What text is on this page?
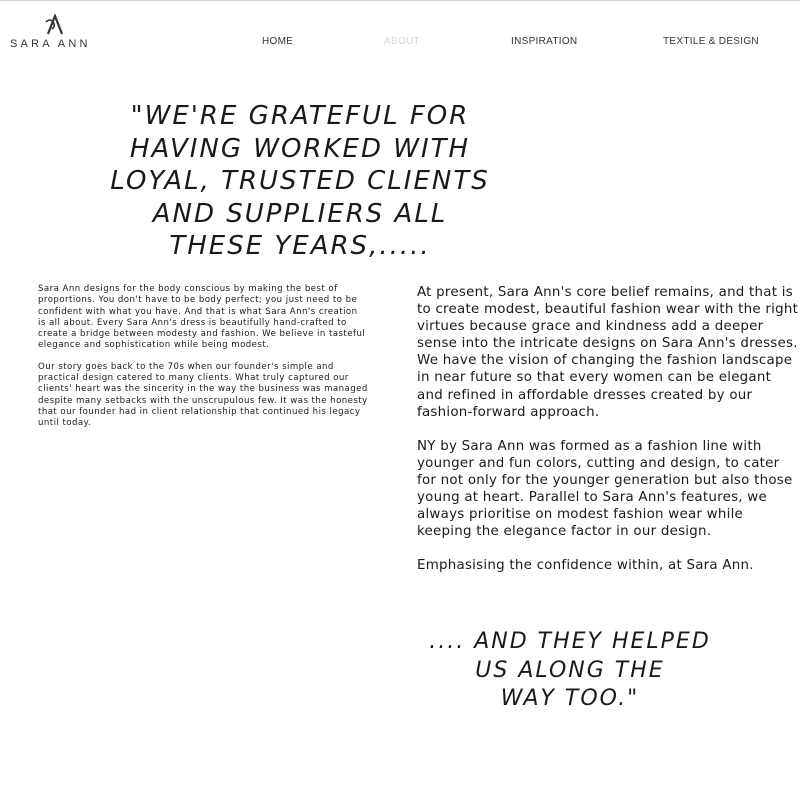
SARA ANN	HOME	ABOUT	INSPIRATION	TEXTILE & DESIGN
"WE'RE GRATEFUL FOR
HAVING WORKED WITH
LOYAL, TRUSTED CLIENTS
AND SUPPLIERS ALL
THESE YEARS,.....

Sara Ann designs for the body conscious by making the best of proportions. You don't have to be body perfect; you just need to be confident with what you have. And that is what Sara Ann's creation is all about. Every Sara Ann's dress is beautifully hand-crafted to create a bridge between modesty and fashion. We believe in tasteful elegance and sophistication while being modest.

Our story goes back to the 70s when our founder's simple and practical design catered to many clients. What truly captured our clients' heart was the sincerity in the way the business was managed despite many setbacks with the unscrupulous few. It was the honesty that our founder had in client relationship that continued his legacy until today.

At present, Sara Ann's core belief remains, and that is to create modest, beautiful fashion wear with the right virtues because grace and kindness add a deeper sense into the intricate designs on Sara Ann's dresses. We have the vision of changing the fashion landscape in near future so that every women can be elegant and refined in affordable dresses created by our fashion-forward approach.

NY by Sara Ann was formed as a fashion line with younger and fun colors, cutting and design, to cater for not only for the younger generation but also those young at heart. Parallel to Sara Ann's features, we always prioritise on modest fashion wear while keeping the elegance factor in our design.

Emphasising the confidence within, at Sara Ann.

.... AND THEY HELPED
US ALONG THE
WAY TOO."
